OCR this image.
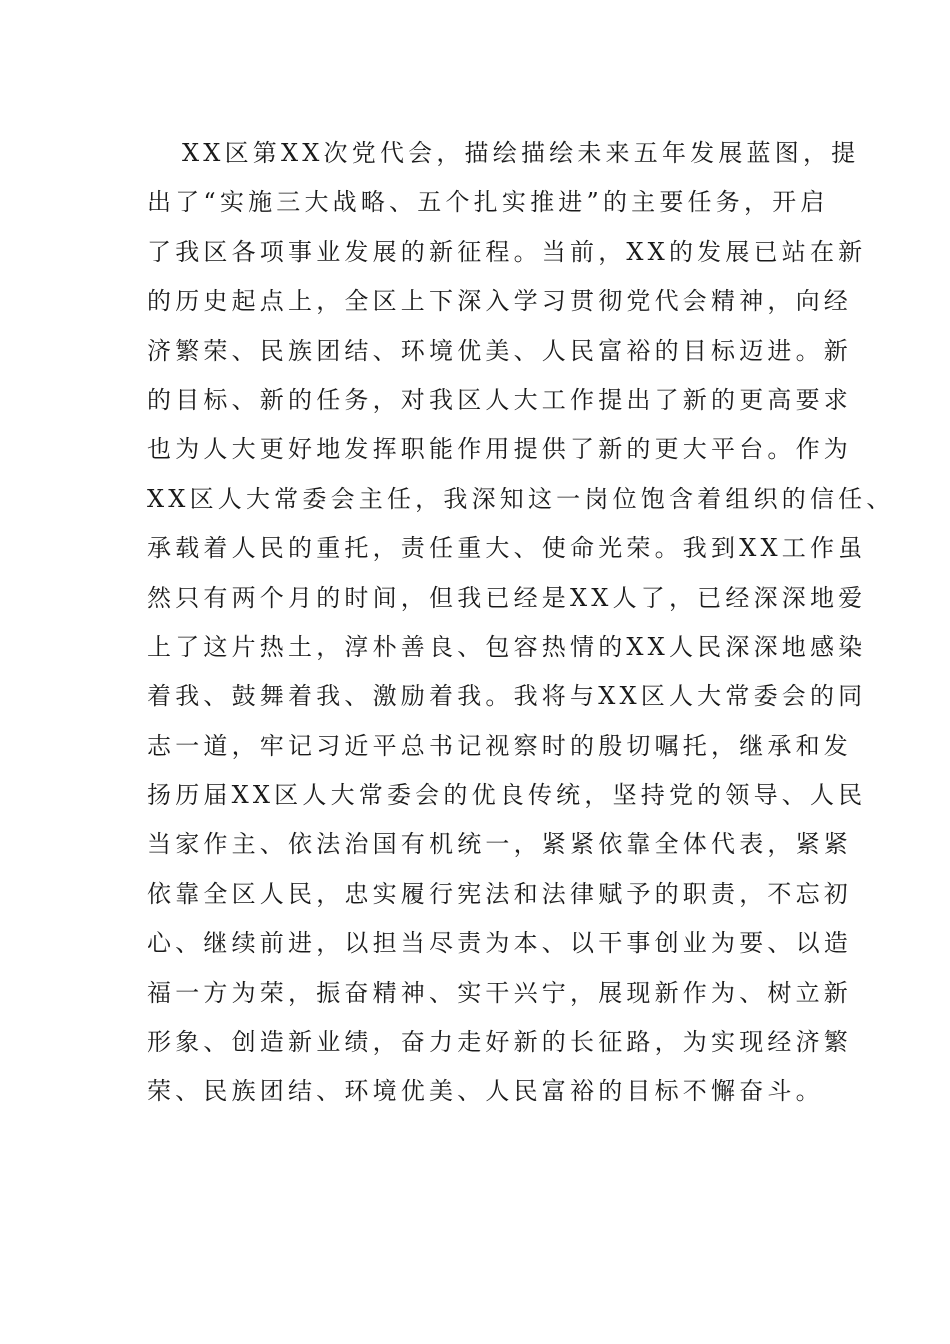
XX区第XX次党代会，描绘描绘未来五年发展蓝图，提
出了“实施三大战略、五个扎实推进”的主要任务，开启
了我区各项事业发展的新征程。当前，XX的发展已站在新
的历史起点上，全区上下深入学习贯彻党代会精神，向经
济繁荣、民族团结、环境优美、人民富裕的目标迈进。新
的目标、新的任务，对我区人大工作提出了新的更高要求
也为人大更好地发挥职能作用提供了新的更大平台。作为
XX区人大常委会主任，我深知这一岗位饱含着组织的信任、
承载着人民的重托，责任重大、使命光荣。我到XX工作虽
然只有两个月的时间，但我已经是XX人了，已经深深地爱
上了这片热土，淳朴善良、包容热情的XX人民深深地感染
着我、鼓舞着我、激励着我。我将与XX区人大常委会的同
志一道，牢记习近平总书记视察时的殷切嘱托，继承和发
扬历届XX区人大常委会的优良传统，坚持党的领导、人民
当家作主、依法治国有机统一，紧紧依靠全体代表，紧紧
依靠全区人民，忠实履行宪法和法律赋予的职责，不忘初
心、继续前进，以担当尽责为本、以干事创业为要、以造
福一方为荣，振奋精神、实干兴宁，展现新作为、树立新
形象、创造新业绩，奋力走好新的长征路，为实现经济繁
荣、民族团结、环境优美、人民富裕的目标不懈奋斗。
